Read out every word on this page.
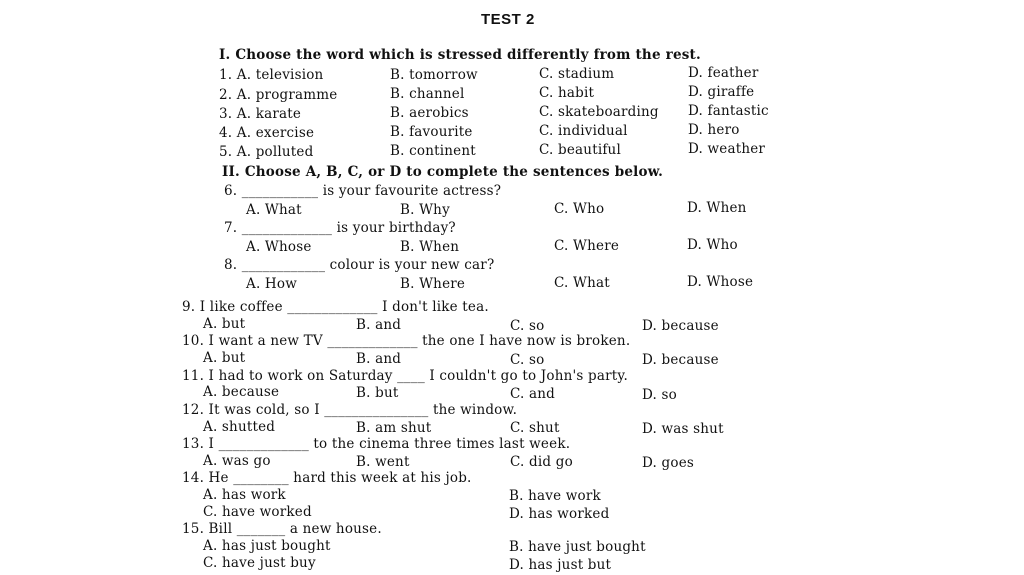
TEST 2
I. Choose the word which is stressed differently from the rest.
1. A. television	B. tomorrow	C. stadium	D. feather
2. A. programme	B. channel	C. habit	D. giraffe
3. A. karate	B. aerobics	C. skateboarding D. fantastic
4. A. exercise	B. favourite	C. individual	D. hero
5. A. polluted	B. continent	C. beautiful	D. weather
II. Choose A, B, C, or D to complete the sentences below.
6. ___________ is your favourite actress?
A. What	B. Why	C. Who	D. When
7. _____________ is your birthday?
A. Whose	B. When	C. Where	D. Who
8. ____________ colour is your new car?
A. How	B. Where	C. What	D. Whose
9. I like coffee _____________ I don't like tea.
A. but	B. and	C. so	D. because
10. I want a new TV _____________ the one I have now is broken.
A. but	B. and	C. so	D. because
11. I had to work on Saturday ____ I couldn't go to John's party.
A. because	B. but	C. and	D. so
12. It was cold, so I _______________ the window.
A. shutted	B. am shut	C. shut	D. was shut
13. I _____________ to the cinema three times last week.
A. was go	B. went	C. did go	D. goes
14. He ________ hard this week at his job.
A. has work	B. have work
C. have worked	D. has worked
15. Bill _______ a new house.
A. has just bought	B. have just bought
C. have just buy	D. has just but
